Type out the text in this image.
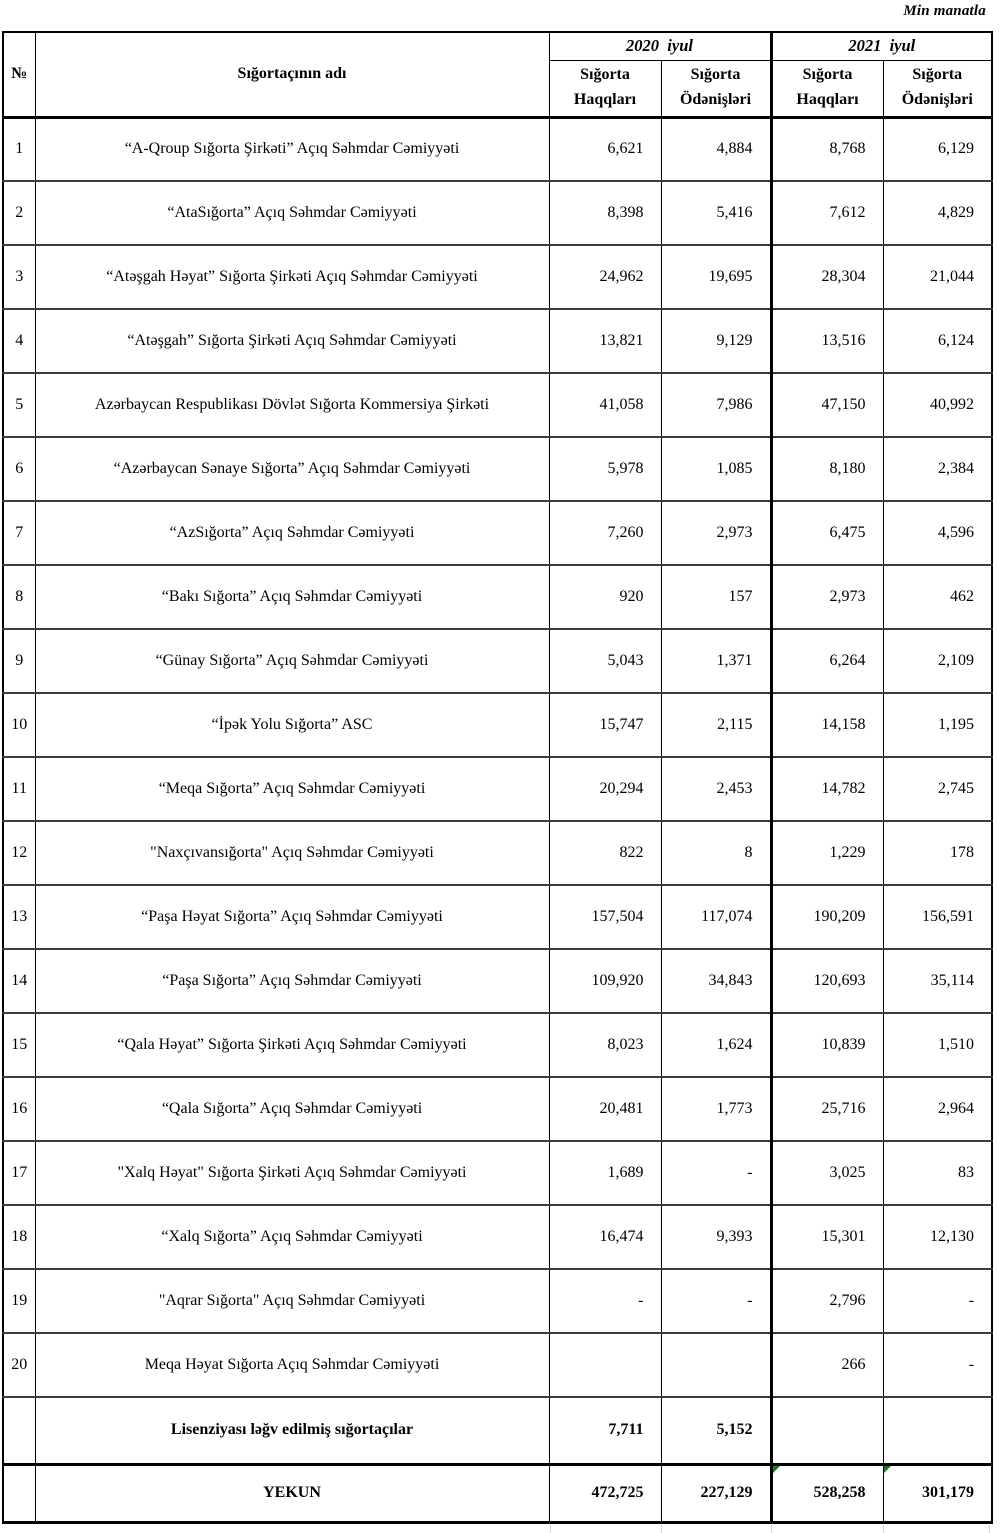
Min manatla
№	Sığortaçının adı	2020  iyul		2021  iyul	
		Sığorta Haqqları	Sığorta Ödənişləri	Sığorta Haqqları	Sığorta Ödənişləri
1	“A-Qroup Sığorta Şirkəti” Açıq Səhmdar Cəmiyyəti	6,621	4,884	8,768	6,129
2	“AtaSığorta” Açıq Səhmdar Cəmiyyəti	8,398	5,416	7,612	4,829
3	“Atəşgah Həyat” Sığorta Şirkəti Açıq Səhmdar Cəmiyyəti	24,962	19,695	28,304	21,044
4	“Atəşgah” Sığorta Şirkəti Açıq Səhmdar Cəmiyyəti	13,821	9,129	13,516	6,124
5	Azərbaycan Respublikası Dövlət Sığorta Kommersiya Şirkəti	41,058	7,986	47,150	40,992
6	“Azərbaycan Sənaye Sığorta” Açıq Səhmdar Cəmiyyəti	5,978	1,085	8,180	2,384
7	“AzSığorta” Açıq Səhmdar Cəmiyyəti	7,260	2,973	6,475	4,596
8	“Bakı Sığorta” Açıq Səhmdar Cəmiyyəti	920	157	2,973	462
9	“Günay Sığorta” Açıq Səhmdar Cəmiyyəti	5,043	1,371	6,264	2,109
10	“İpək Yolu Sığorta” ASC	15,747	2,115	14,158	1,195
11	“Meqa Sığorta” Açıq Səhmdar Cəmiyyəti	20,294	2,453	14,782	2,745
12	"Naxçıvansığorta" Açıq Səhmdar Cəmiyyəti	822	8	1,229	178
13	“Paşa Həyat Sığorta” Açıq Səhmdar Cəmiyyəti	157,504	117,074	190,209	156,591
14	“Paşa Sığorta” Açıq Səhmdar Cəmiyyəti	109,920	34,843	120,693	35,114
15	“Qala Həyat” Sığorta Şirkəti Açıq Səhmdar Cəmiyyəti	8,023	1,624	10,839	1,510
16	“Qala Sığorta” Açıq Səhmdar Cəmiyyəti	20,481	1,773	25,716	2,964
17	"Xalq Həyat" Sığorta Şirkəti Açıq Səhmdar Cəmiyyəti	1,689	-	3,025	83
18	“Xalq Sığorta” Açıq Səhmdar Cəmiyyəti	16,474	9,393	15,301	12,130
19	"Aqrar Sığorta" Açıq Səhmdar Cəmiyyəti	-	-	2,796	-
20	Meqa Həyat Sığorta Açıq Səhmdar Cəmiyyəti			266	-
	Lisenziyası ləğv edilmiş sığortaçılar	7,711	5,152		
	YEKUN	472,725	227,129	528,258	301,179
